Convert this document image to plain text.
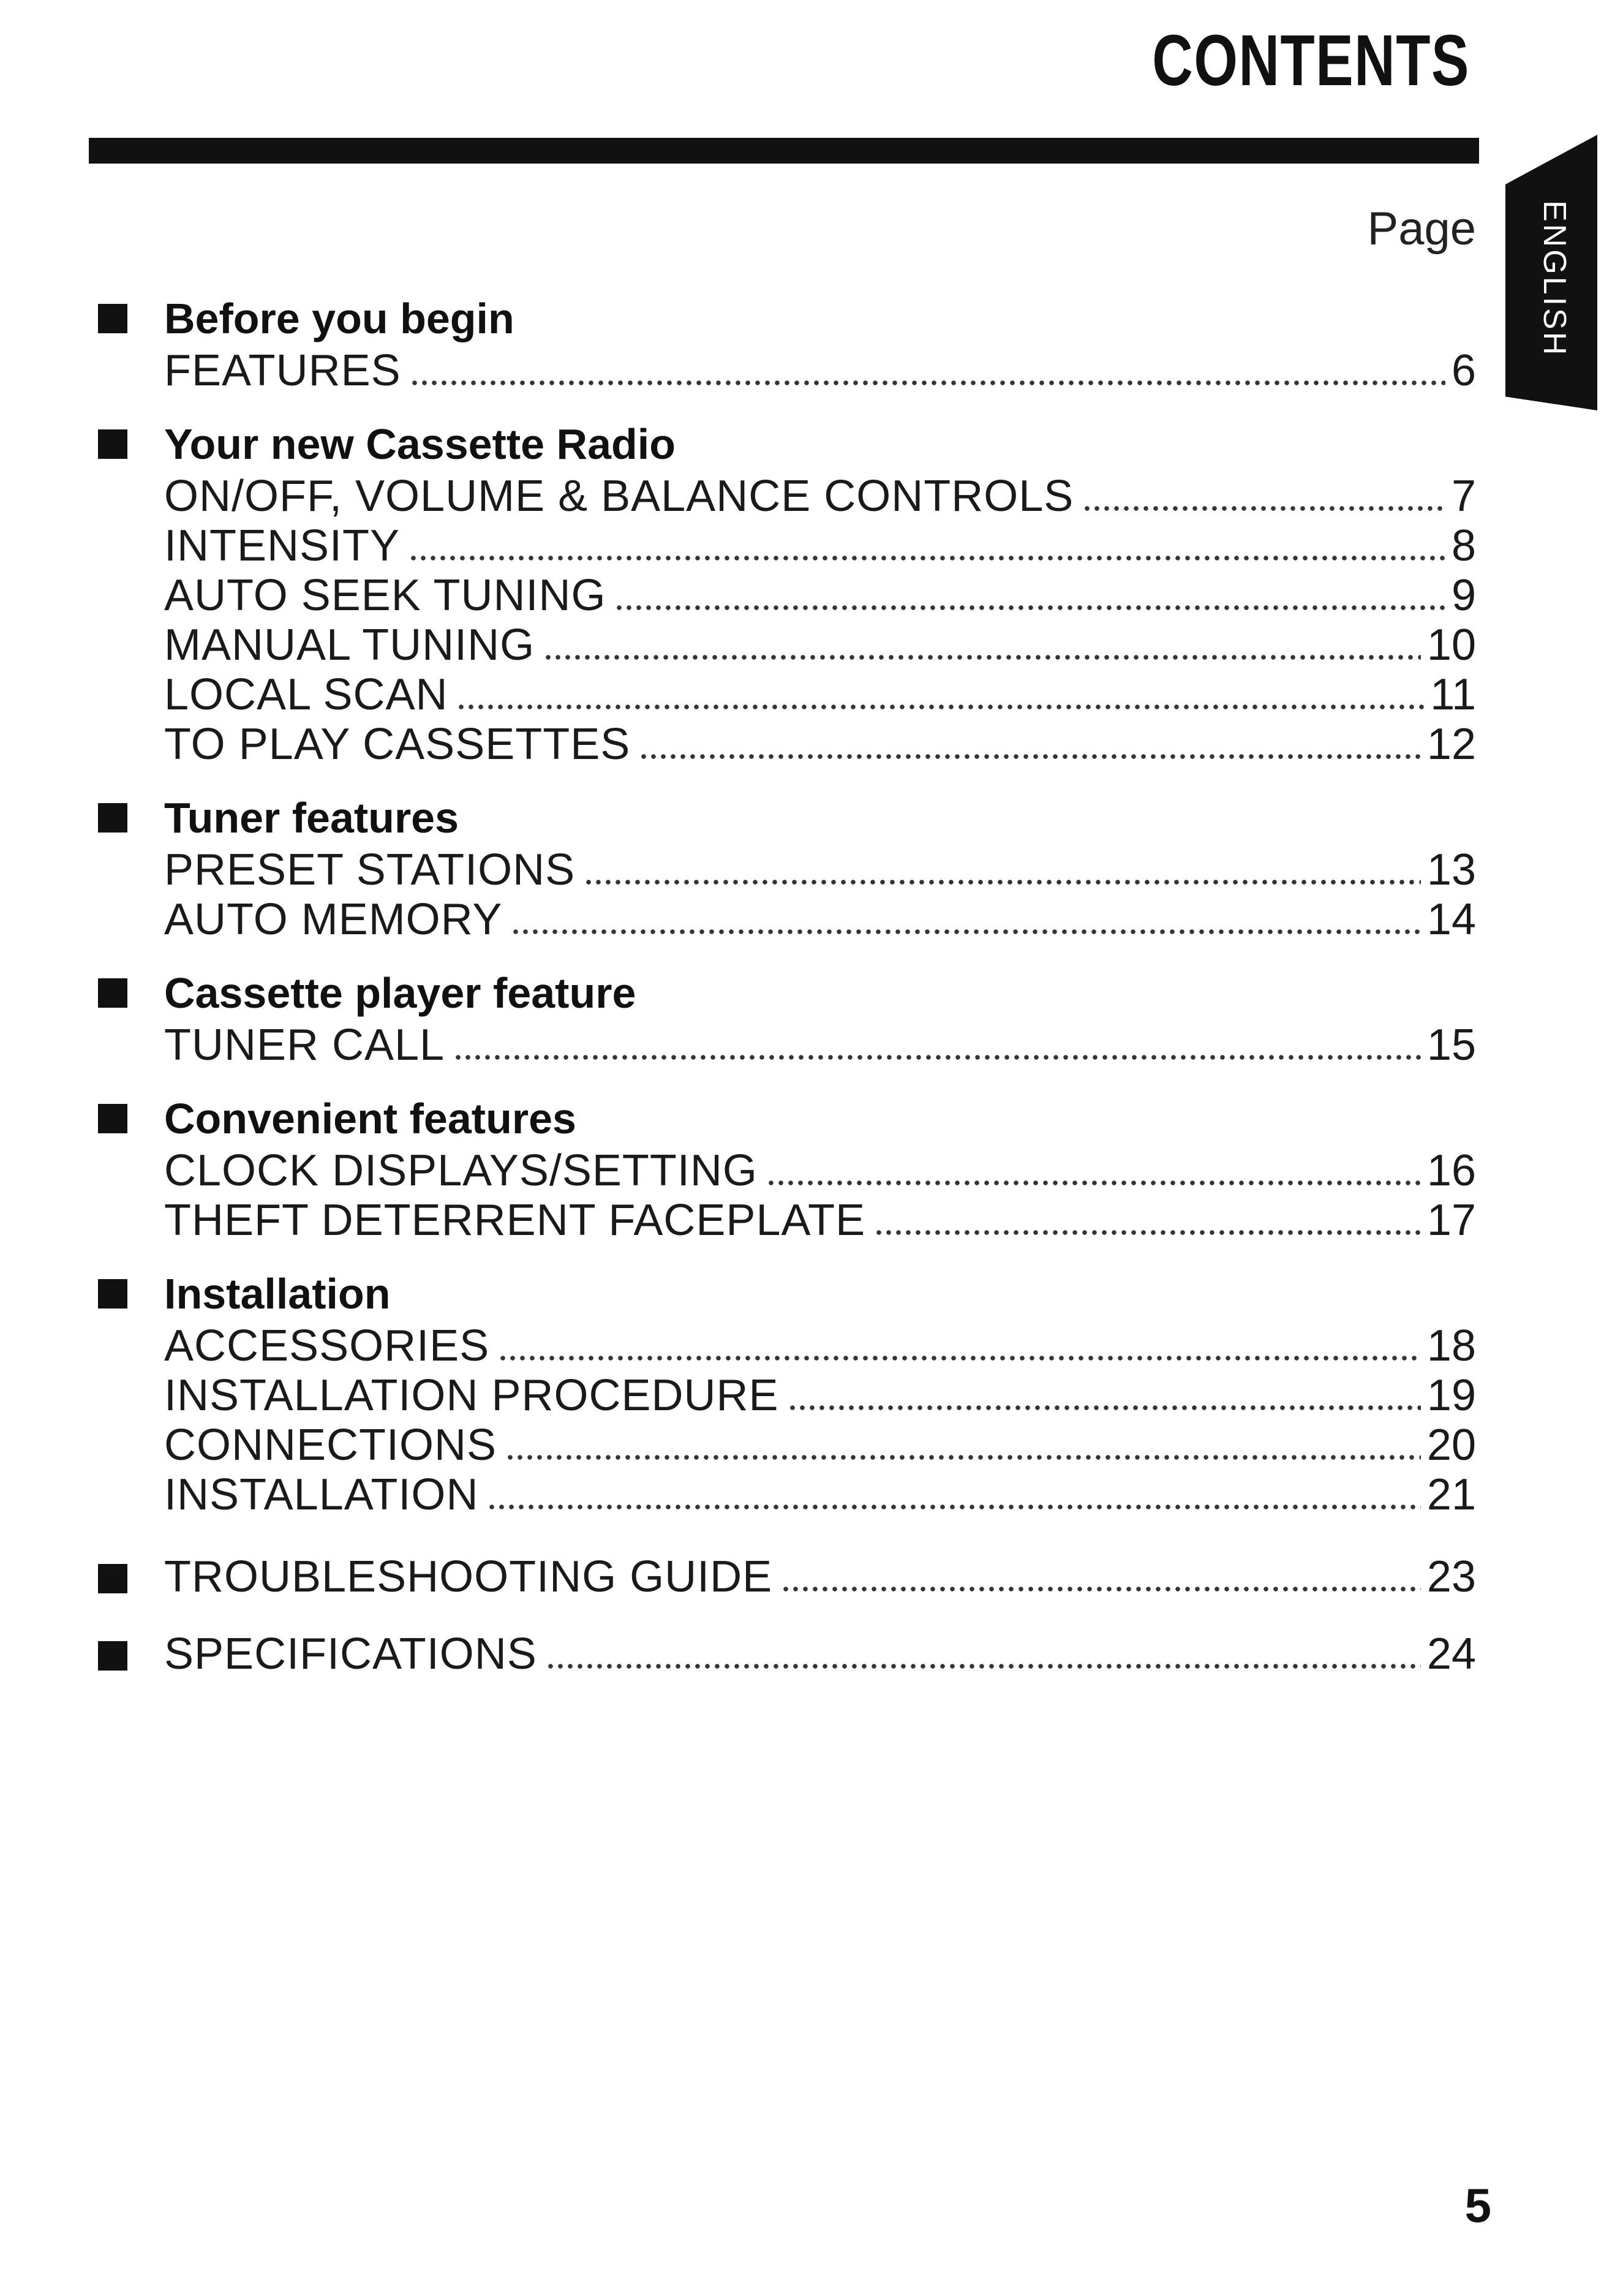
CONTENTS
ENGLISH
Page
Before you begin
FEATURES	6
Your new Cassette Radio
ON/OFF, VOLUME & BALANCE CONTROLS	7
INTENSITY	8
AUTO SEEK TUNING	9
MANUAL TUNING	10
LOCAL SCAN	11
TO PLAY CASSETTES	12
Tuner features
PRESET STATIONS	13
AUTO MEMORY	14
Cassette player feature
TUNER CALL	15
Convenient features
CLOCK DISPLAYS/SETTING	16
THEFT DETERRENT FACEPLATE	17
Installation
ACCESSORIES	18
INSTALLATION PROCEDURE	19
CONNECTIONS	20
INSTALLATION	21
TROUBLESHOOTING GUIDE	23
SPECIFICATIONS	24
5
